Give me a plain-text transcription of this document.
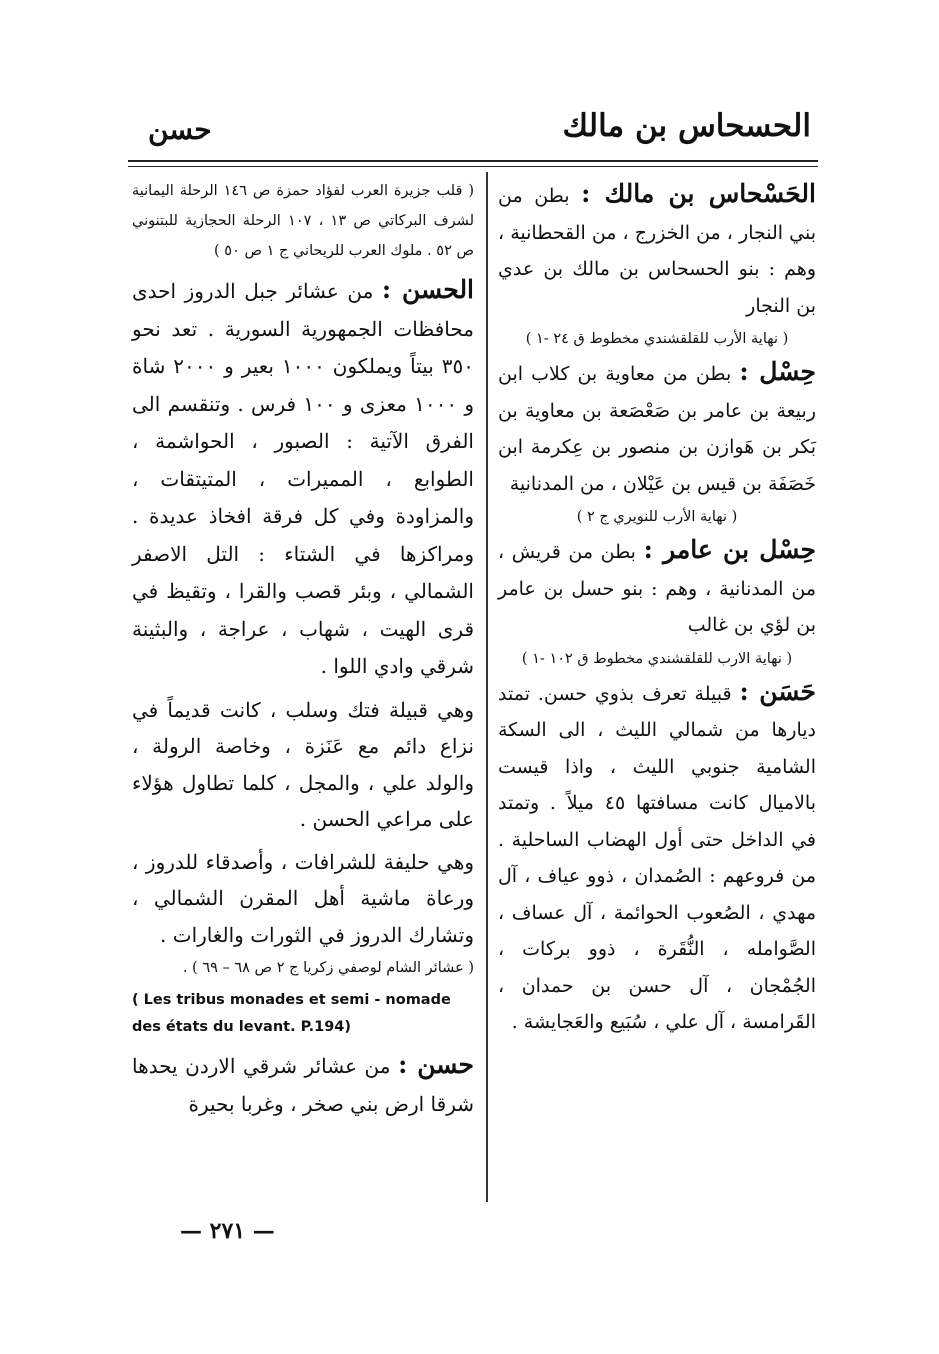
الحسحاس بن مالك
حسن

الحَسْحاس بن مالك : بطن من بني النجار ، من الخزرج ، من القحطانية ، وهم : بنو الحسحاس بن مالك بن عدي بن النجار

( نهاية الأرب للقلقشندي مخطوط ق ٢٤ -١ )

حِسْل : بطن من معاوية بن كلاب ابن ربيعة بن عامر بن صَعْصَعة بن معاوية بن بَكر بن هَوازن بن منصور بن عِكرمة ابن خَصَفَة بن قيس بن عَيْلان ، من المدنانية

( نهاية الأرب للنويري ج ٢ )

حِسْل بن عامر : بطن من قريش ، من المدنانية ، وهم : بنو حسل بن عامر بن لؤي بن غالب

( نهاية الارب للقلقشندي مخطوط ق ١٠٢ -١ )

حَسَن : قبيلة تعرف بذوي حسن. تمتد ديارها من شمالي الليث ، الى السكة الشامية جنوبي الليث ، واذا قيست بالاميال كانت مسافتها ٤٥ ميلاً . وتمتد في الداخل حتى أول الهضاب الساحلية . من فروعهم : الصُمدان ، ذوو عياف ، آل مهدي ، الصُعوب الحوائمة ، آل عساف ، الصَّوامله ، النُّقَرة ، ذوو بركات ، الجُمْجان ، آل حسن بن حمدان ، القَرامسة ، آل علي ، سُبَيع والعَجايشة .

( قلب جزيرة العرب لفؤاد حمزة ص ١٤٦ الرحلة اليمانية لشرف البركاتي ص ١٣ ، ١٠٧ الرحلة الحجازية للبتنوني ص ٥٢ . ملوك العرب للريحاني ج ١ ص ٥٠ )

الحسن : من عشائر جبل الدروز احدى محافظات الجمهورية السورية . تعد نحو ٣٥٠ بيتاً ويملكون ١٠٠٠ بعير و ٢٠٠٠ شاة و ١٠٠٠ معزى و ١٠٠ فرس . وتنقسم الى الفرق الآتية : الصبور ، الحواشمة ، الطوابع ، المميرات ، المتيتقات ، والمزاودة وفي كل فرقة افخاذ عديدة . ومراكزها في الشتاء : التل الاصفر الشمالي ، وبئر قصب والقرا ، وتقيظ في قرى الهيت ، شهاب ، عراجة ، والبثينة شرقي وادي اللوا .

وهي قبيلة فتك وسلب ، كانت قديماً في نزاع دائم مع عَنَزة ، وخاصة الرولة ، والولد علي ، والمجل ، كلما تطاول هؤلاء على مراعي الحسن .

وهي حليفة للشرافات ، وأصدقاء للدروز ، ورعاة ماشية أهل المقرن الشمالي ، وتشارك الدروز في الثورات والغارات .

( عشائر الشام لوصفي زكريا ج ٢ ص ٦٨ – ٦٩ ) .

( Les tribus monades et semi - nomade des états du levant. P.194)

حسن : من عشائر شرقي الاردن يحدها شرقا ارض بني صخر ، وغربا بحيرة

— ٢٧١ —
